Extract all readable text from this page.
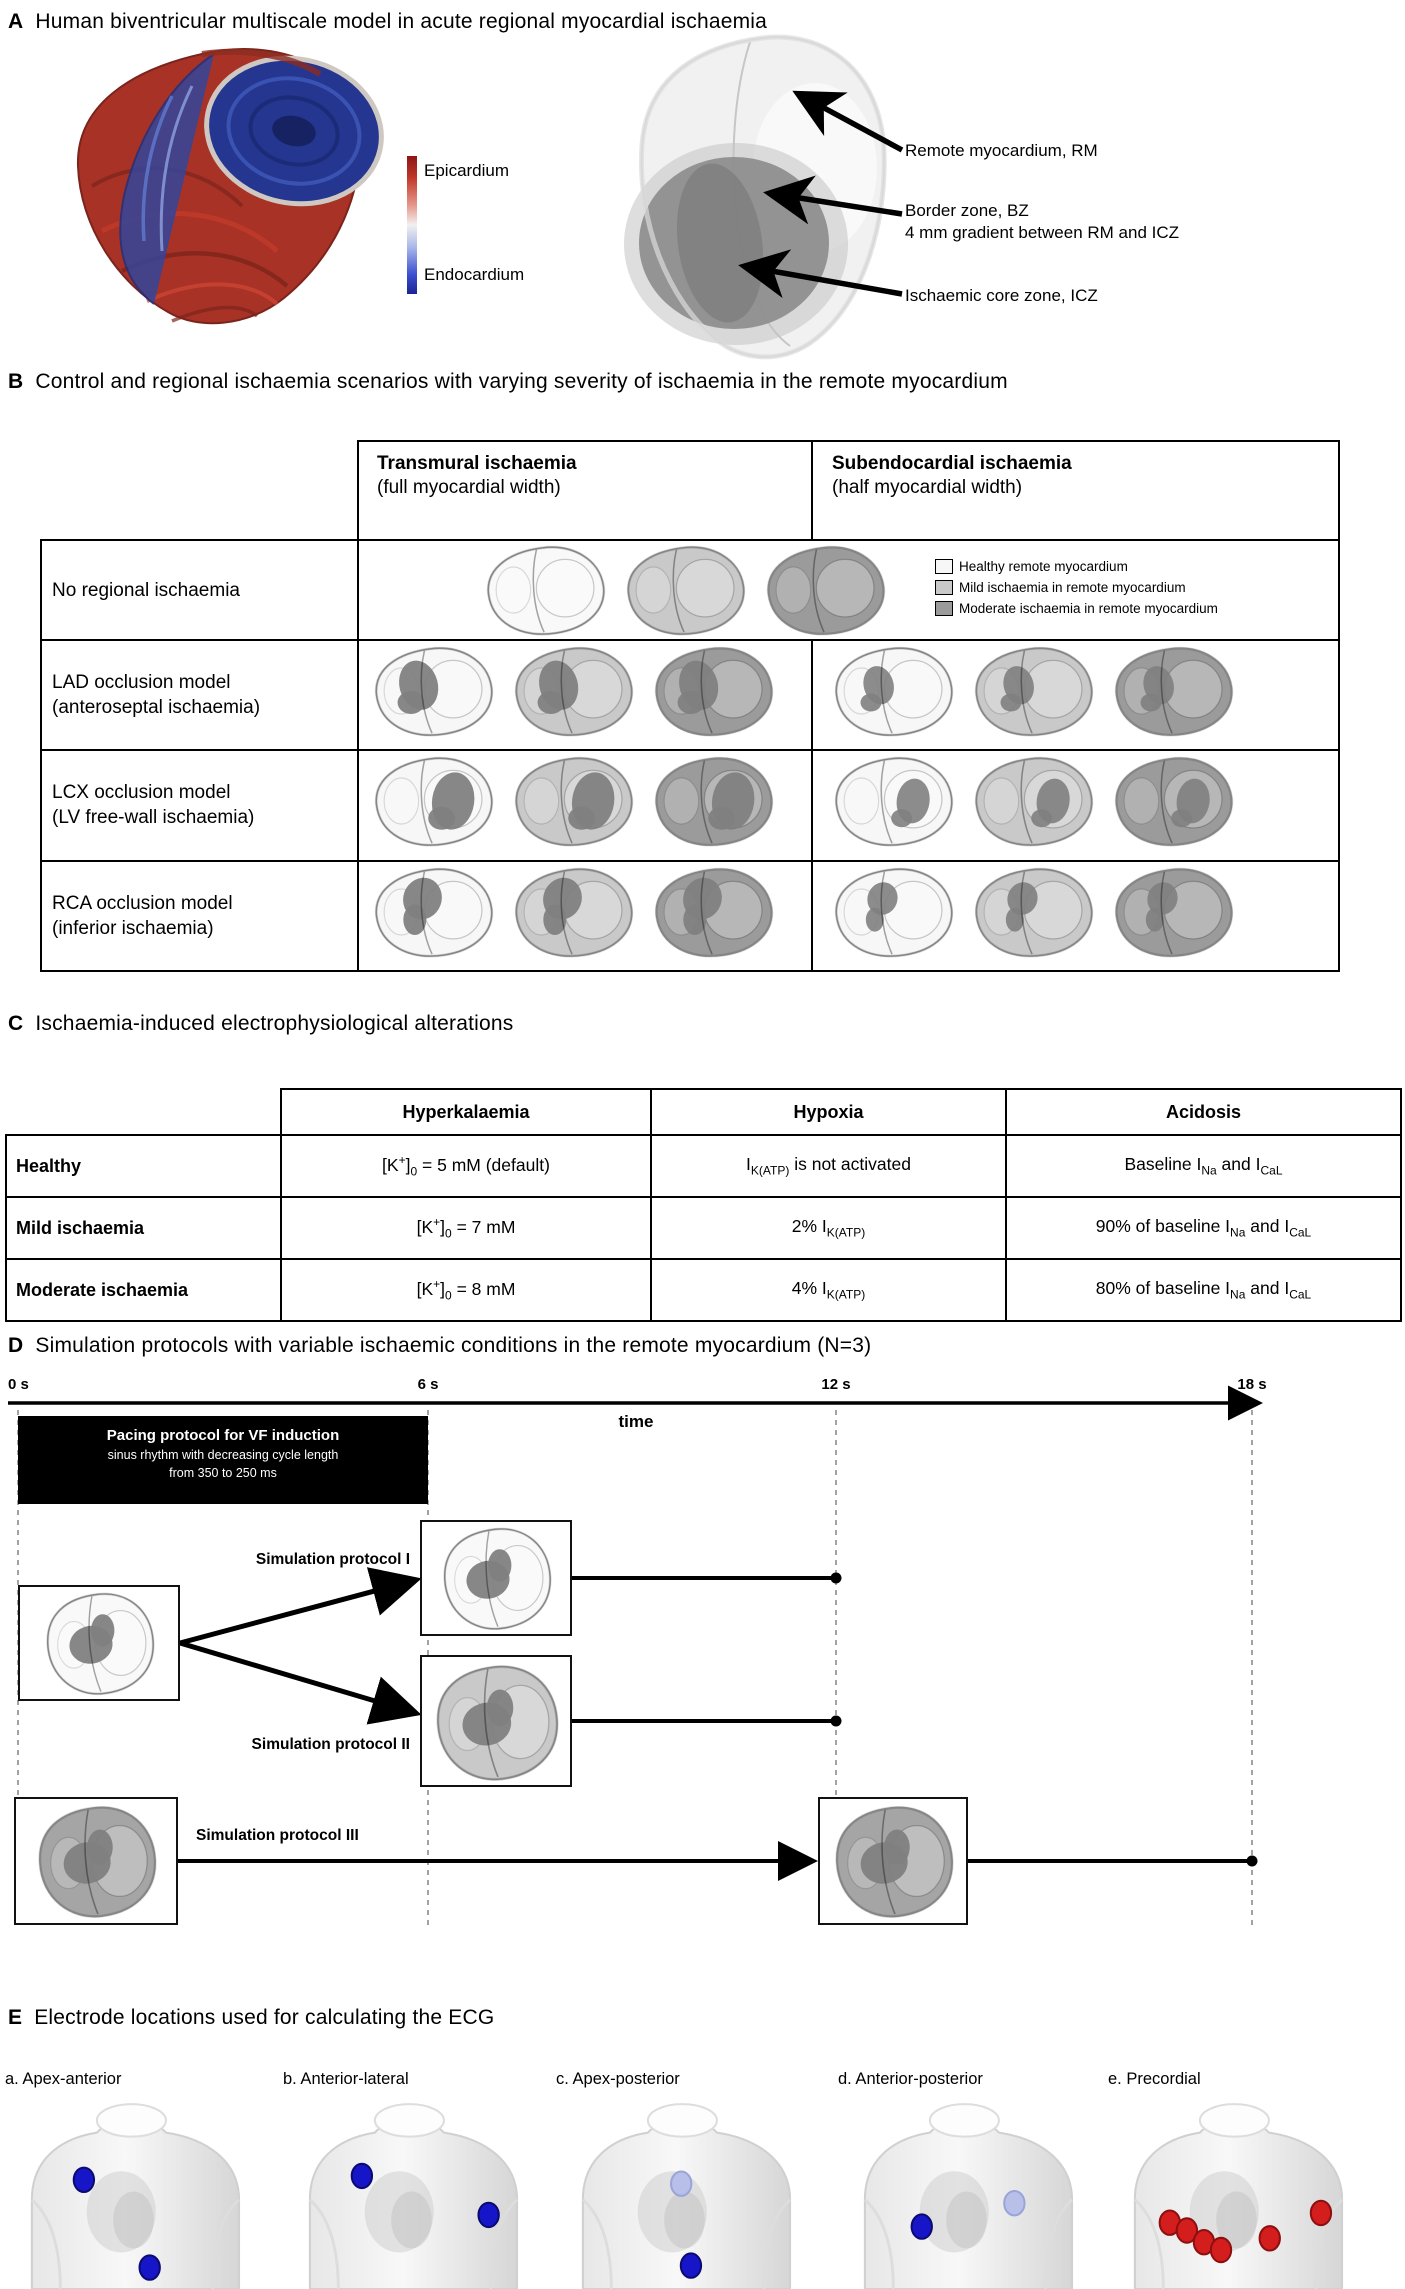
A Human biventricular multiscale model in acute regional myocardial ischaemia
Epicardium
Endocardium
Remote myocardium, RM
Border zone, BZ
4 mm gradient between RM and ICZ
Ischaemic core zone, ICZ
B Control and regional ischaemia scenarios with varying severity of ischaemia in the remote myocardium
Transmural ischaemia
(full myocardial width)
Subendocardial ischaemia
(half myocardial width)
No regional ischaemia
LAD occlusion model
(anteroseptal ischaemia)
LCX occlusion model
(LV free-wall ischaemia)
RCA occlusion model
(inferior ischaemia)
Healthy remote myocardium
Mild ischaemia in remote myocardium
Moderate ischaemia in remote myocardium
C Ischaemia-induced electrophysiological alterations
	Hyperkalaemia	Hypoxia	Acidosis
Healthy	$[K^+]_0 = 5$ mM (default)	$I_{K(ATP)}$ is not activated	Baseline $I_{Na}$ and $I_{CaL}$
Mild ischaemia	$[K^+]_0 = 7$ mM	2% $I_{K(ATP)}$	90% of baseline $I_{Na}$ and $I_{CaL}$
Moderate ischaemia	$[K^+]_0 = 8$ mM	4% $I_{K(ATP)}$	80% of baseline $I_{Na}$ and $I_{CaL}$
D Simulation protocols with variable ischaemic conditions in the remote myocardium (N=3)
0 s	6 s	12 s	18 s
time
Pacing protocol for VF induction
sinus rhythm with decreasing cycle length
from 350 to 250 ms
Simulation protocol I
Simulation protocol II
Simulation protocol III
E Electrode locations used for calculating the ECG
a. Apex-anterior	b. Anterior-lateral	c. Apex-posterior	d. Anterior-posterior	e. Precordial
